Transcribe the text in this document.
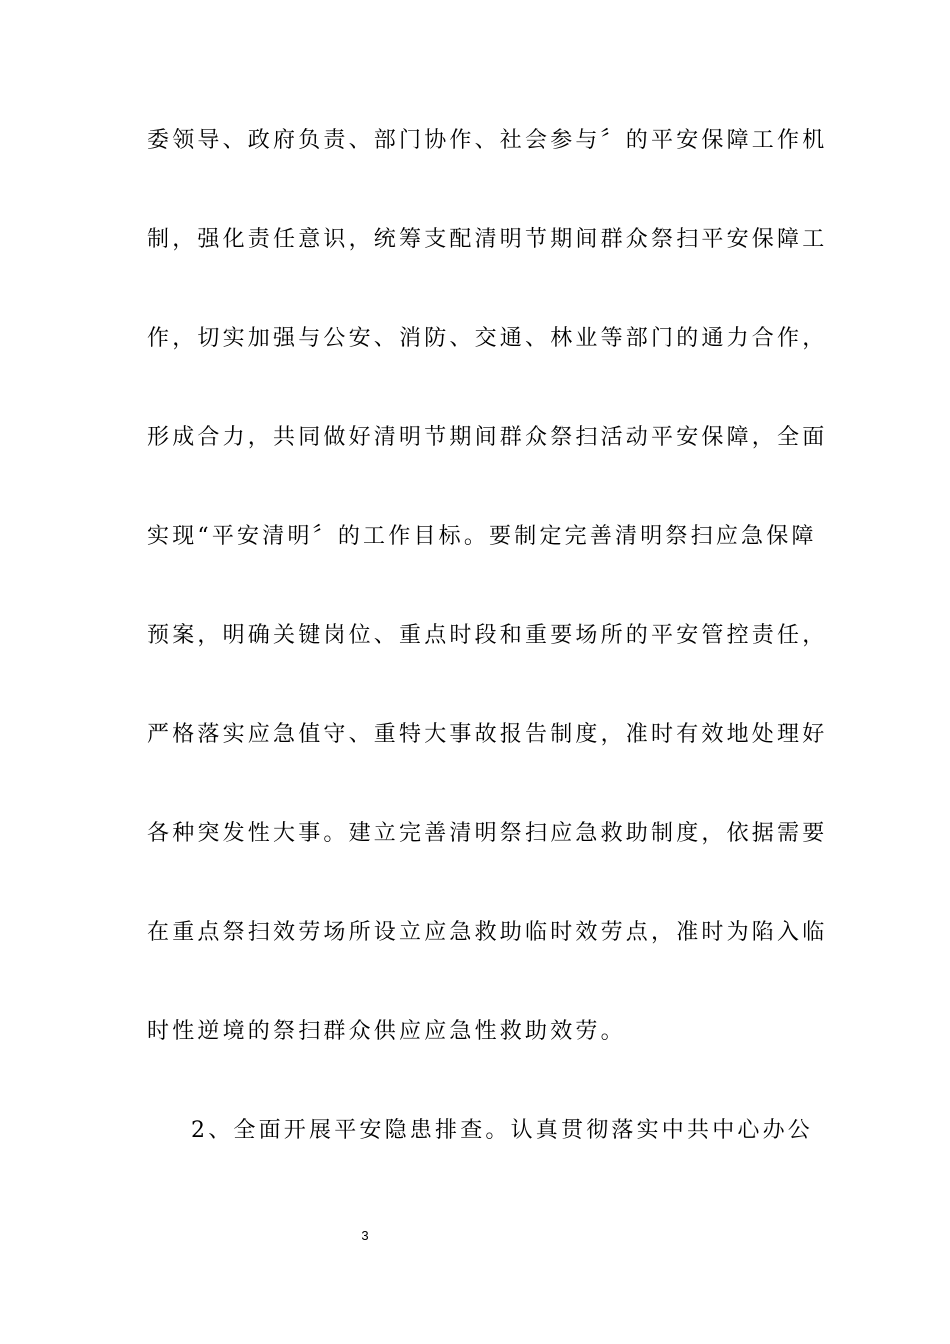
委领导、政府负责、部门协作、社会参与〞的平安保障工作机
制，强化责任意识，统筹支配清明节期间群众祭扫平安保障工
作，切实加强与公安、消防、交通、林业等部门的通力合作，
形成合力，共同做好清明节期间群众祭扫活动平安保障，全面
实现“平安清明〞的工作目标。要制定完善清明祭扫应急保障
预案，明确关键岗位、重点时段和重要场所的平安管控责任，
严格落实应急值守、重特大事故报告制度，准时有效地处理好
各种突发性大事。建立完善清明祭扫应急救助制度，依据需要
在重点祭扫效劳场所设立应急救助临时效劳点，准时为陷入临
时性逆境的祭扫群众供应应急性救助效劳。
2、全面开展平安隐患排查。认真贯彻落实中共中心办公
3
